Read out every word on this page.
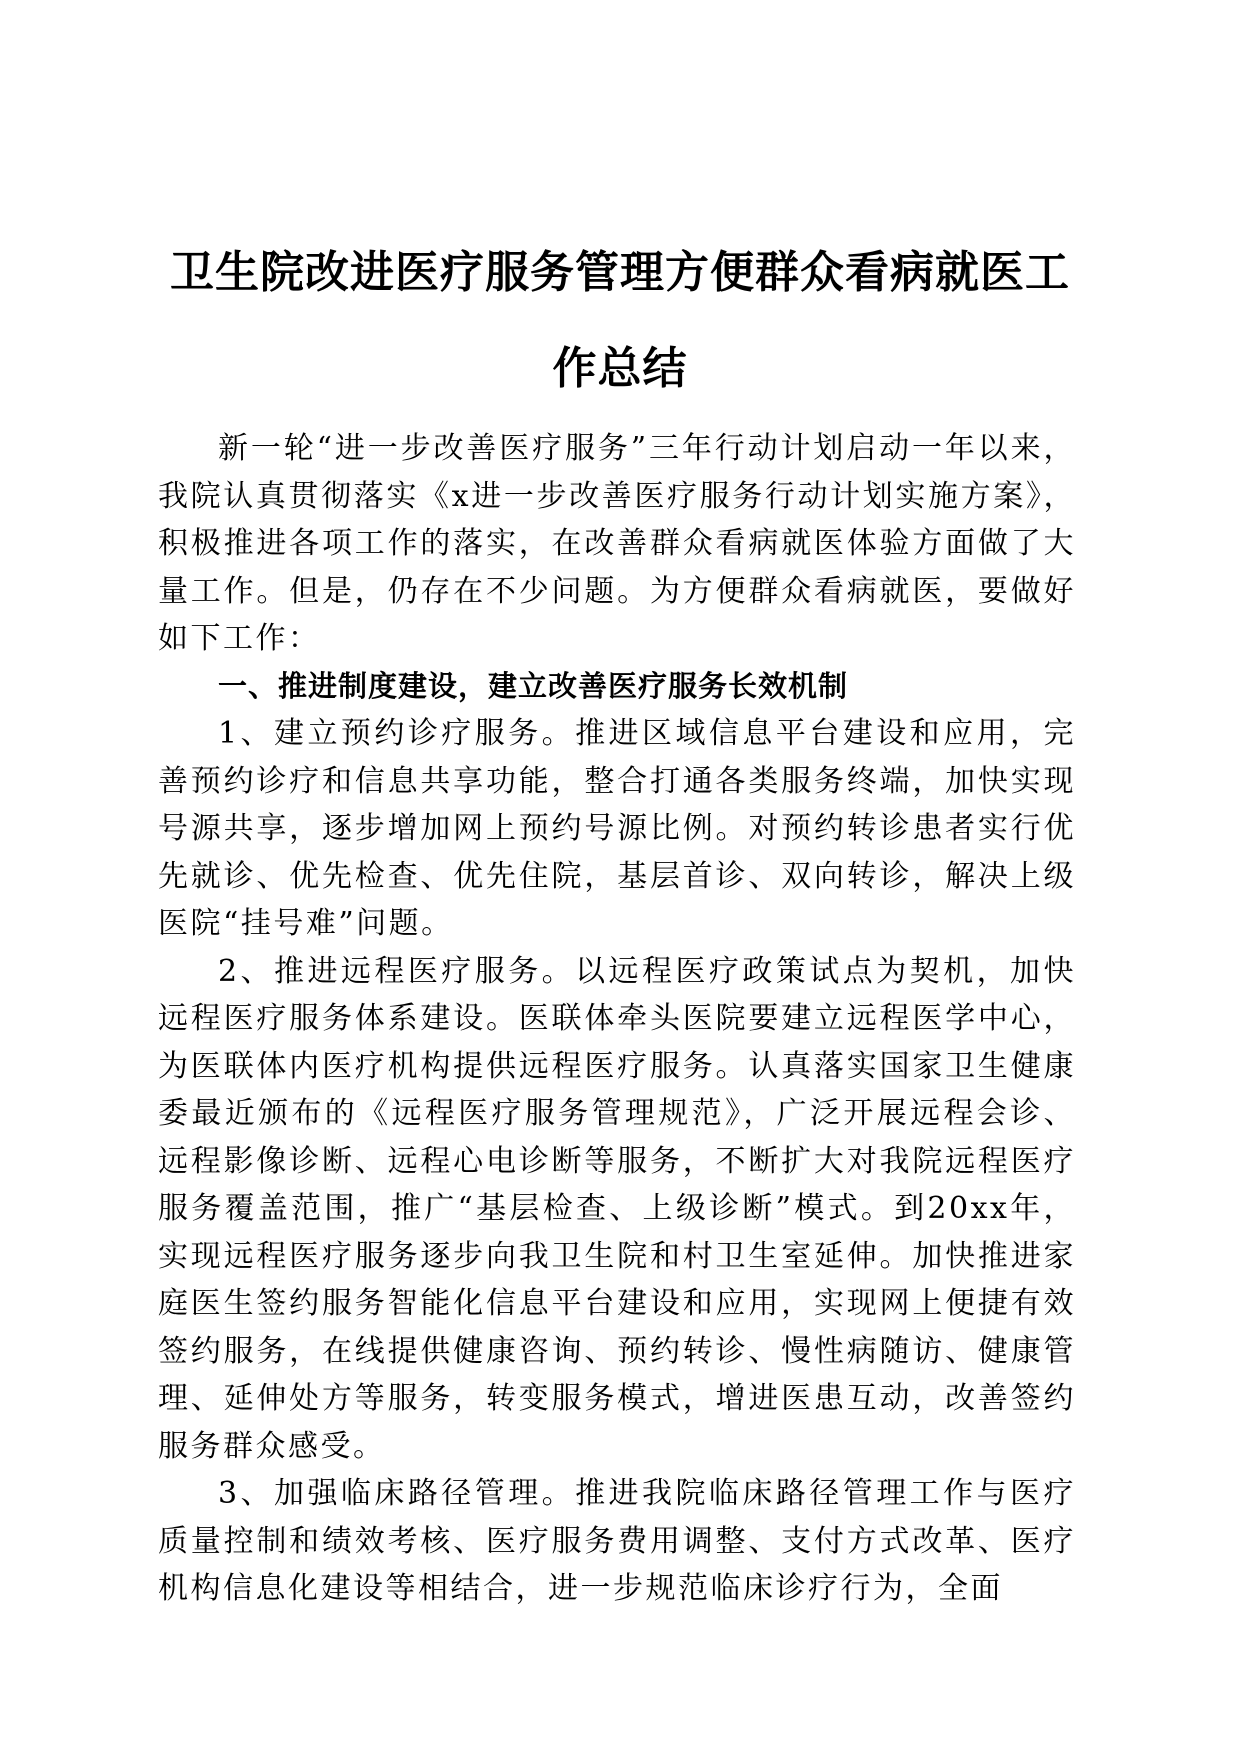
卫生院改进医疗服务管理方便群众看病就医工
作总结

新一轮“进一步改善医疗服务”三年行动计划启动一年以来，我院认真贯彻落实《x进一步改善医疗服务行动计划实施方案》，积极推进各项工作的落实，在改善群众看病就医体验方面做了大量工作。但是，仍存在不少问题。为方便群众看病就医，要做好如下工作：

一、推进制度建设，建立改善医疗服务长效机制

1、建立预约诊疗服务。推进区域信息平台建设和应用，完善预约诊疗和信息共享功能，整合打通各类服务终端，加快实现号源共享，逐步增加网上预约号源比例。对预约转诊患者实行优先就诊、优先检查、优先住院，基层首诊、双向转诊，解决上级医院“挂号难”问题。

2、推进远程医疗服务。以远程医疗政策试点为契机，加快远程医疗服务体系建设。医联体牵头医院要建立远程医学中心，为医联体内医疗机构提供远程医疗服务。认真落实国家卫生健康委最近颁布的《远程医疗服务管理规范》，广泛开展远程会诊、远程影像诊断、远程心电诊断等服务，不断扩大对我院远程医疗服务覆盖范围，推广“基层检查、上级诊断”模式。到20xx年，实现远程医疗服务逐步向我卫生院和村卫生室延伸。加快推进家庭医生签约服务智能化信息平台建设和应用，实现网上便捷有效签约服务，在线提供健康咨询、预约转诊、慢性病随访、健康管理、延伸处方等服务，转变服务模式，增进医患互动，改善签约服务群众感受。

3、加强临床路径管理。推进我院临床路径管理工作与医疗质量控制和绩效考核、医疗服务费用调整、支付方式改革、医疗机构信息化建设等相结合，进一步规范临床诊疗行为，全面
